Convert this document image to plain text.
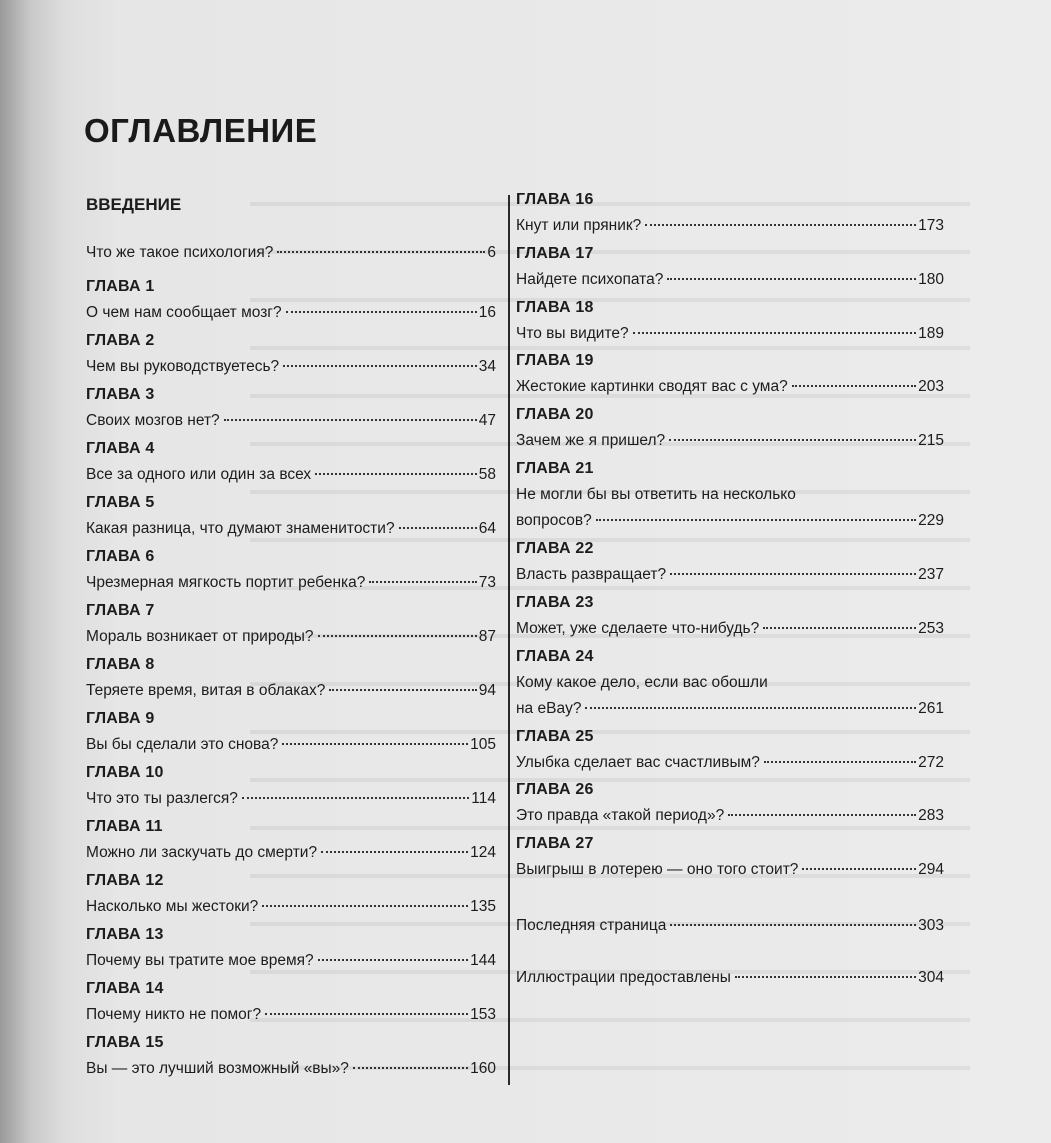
ОГЛАВЛЕНИЕ
ВВЕДЕНИЕ
Что же такое психология?	6
ГЛАВА 1
О чем нам сообщает мозг?	16
ГЛАВА 2
Чем вы руководствуетесь?	34
ГЛАВА 3
Своих мозгов нет?	47
ГЛАВА 4
Все за одного или один за всех	58
ГЛАВА 5
Какая разница, что думают знаменитости?	64
ГЛАВА 6
Чрезмерная мягкость портит ребенка?	73
ГЛАВА 7
Мораль возникает от природы?	87
ГЛАВА 8
Теряете время, витая в облаках?	94
ГЛАВА 9
Вы бы сделали это снова?	105
ГЛАВА 10
Что это ты разлегся?	114
ГЛАВА 11
Можно ли заскучать до смерти?	124
ГЛАВА 12
Насколько мы жестоки?	135
ГЛАВА 13
Почему вы тратите мое время?	144
ГЛАВА 14
Почему никто не помог?	153
ГЛАВА 15
Вы — это лучший возможный «вы»?	160
ГЛАВА 16
Кнут или пряник?	173
ГЛАВА 17
Найдете психопата?	180
ГЛАВА 18
Что вы видите?	189
ГЛАВА 19
Жестокие картинки сводят вас с ума?	203
ГЛАВА 20
Зачем же я пришел?	215
ГЛАВА 21
Не могли бы вы ответить на несколько
вопросов?	229
ГЛАВА 22
Власть развращает?	237
ГЛАВА 23
Может, уже сделаете что-нибудь?	253
ГЛАВА 24
Кому какое дело, если вас обошли
на eBay?	261
ГЛАВА 25
Улыбка сделает вас счастливым?	272
ГЛАВА 26
Это правда «такой период»?	283
ГЛАВА 27
Выигрыш в лотерею — оно того стоит?	294
Последняя страница	303
Иллюстрации предоставлены	304
